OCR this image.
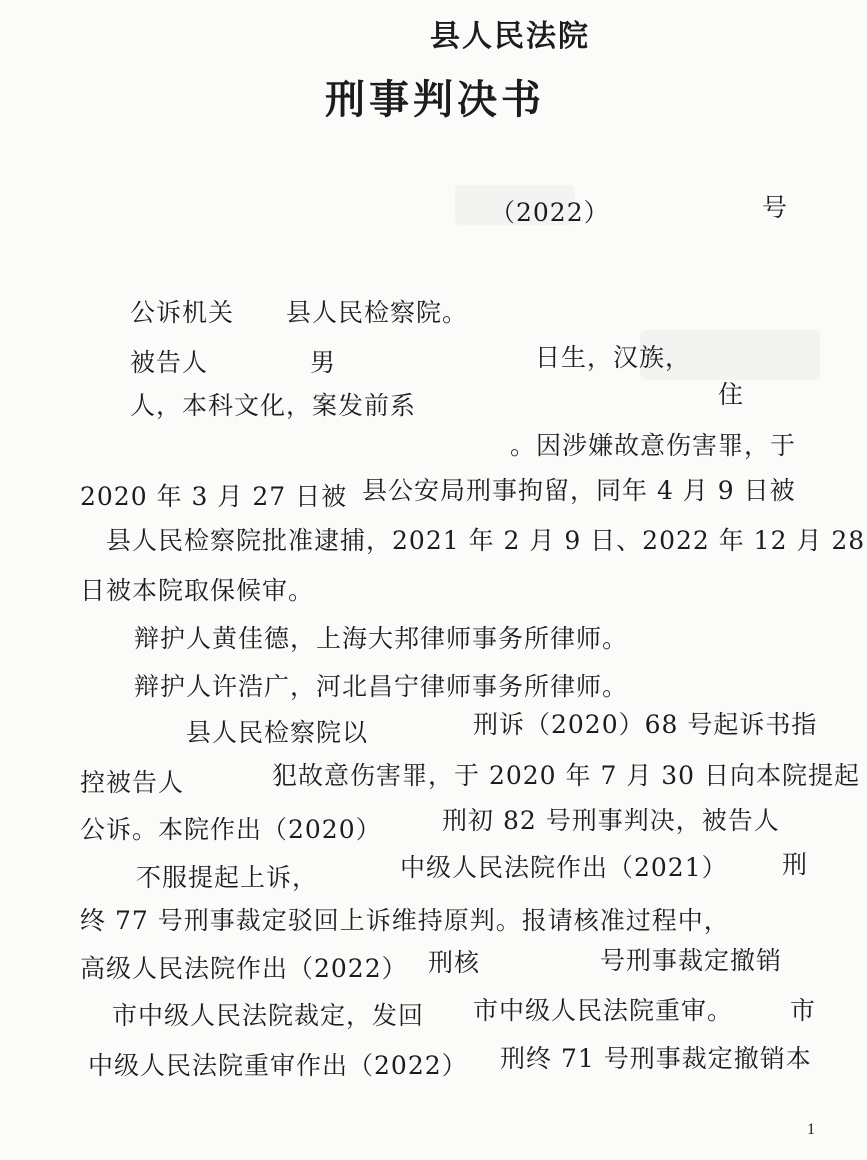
县人民法院
刑事判决书
（2022）	号
公诉机关　　县人民检察院。
被告人	男	日生，汉族，
人，本科文化，案发前系	住
。因涉嫌故意伤害罪，于
2020 年 3 月 27 日被 县公安局刑事拘留，同年 4 月 9 日被
县人民检察院批准逮捕，2021 年 2 月 9 日、2022 年 12 月 28
日被本院取保候审。
辩护人黄佳德，上海大邦律师事务所律师。
辩护人许浩广，河北昌宁律师事务所律师。
县人民检察院以	刑诉（2020）68 号起诉书指
控被告人	犯故意伤害罪，于 2020 年 7 月 30 日向本院提起
公诉。本院作出（2020） 刑初 82 号刑事判决，被告人
不服提起上诉，	中级人民法院作出（2021） 刑
终 77 号刑事裁定驳回上诉维持原判。报请核准过程中，
高级人民法院作出（2022） 刑核	号刑事裁定撤销
市中级人民法院裁定，发回 市中级人民法院重审。 市
中级人民法院重审作出（2022） 刑终 71 号刑事裁定撤销本
1
